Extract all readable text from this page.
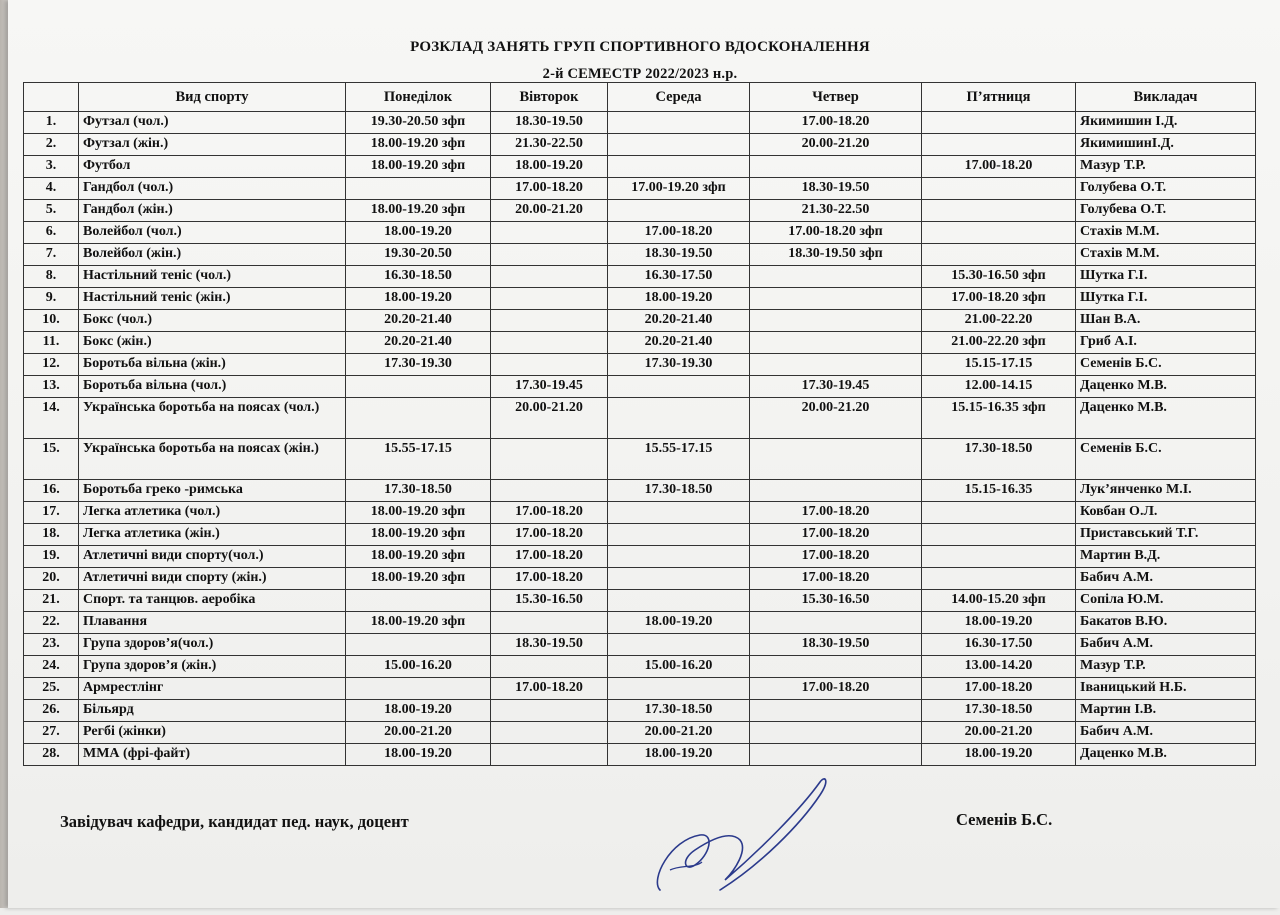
РОЗКЛАД ЗАНЯТЬ ГРУП СПОРТИВНОГО ВДОСКОНАЛЕННЯ
2-й СЕМЕСТР 2022/2023 н.р.
	Вид спорту	Понеділок	Вівторок	Середа	Четвер	П’ятниця	Викладач
1.	Футзал (чол.)	19.30-20.50 зфп	18.30-19.50		17.00-18.20		Якимишин І.Д.
2.	Футзал (жін.)	18.00-19.20 зфп	21.30-22.50		20.00-21.20		ЯкимишинІ.Д.
3.	Футбол	18.00-19.20 зфп	18.00-19.20			17.00-18.20	Мазур Т.Р.
4.	Гандбол (чол.)		17.00-18.20	17.00-19.20 зфп	18.30-19.50		Голубева О.Т.
5.	Гандбол (жін.)	18.00-19.20 зфп	20.00-21.20		21.30-22.50		Голубева О.Т.
6.	Волейбол (чол.)	18.00-19.20		17.00-18.20	17.00-18.20 зфп		Стахів М.М.
7.	Волейбол (жін.)	19.30-20.50		18.30-19.50	18.30-19.50 зфп		Стахів М.М.
8.	Настільний теніс (чол.)	16.30-18.50		16.30-17.50		15.30-16.50 зфп	Шутка Г.І.
9.	Настільний теніс (жін.)	18.00-19.20		18.00-19.20		17.00-18.20 зфп	Шутка Г.І.
10.	Бокс (чол.)	20.20-21.40		20.20-21.40		21.00-22.20	Шан В.А.
11.	Бокс (жін.)	20.20-21.40		20.20-21.40		21.00-22.20 зфп	Гриб А.І.
12.	Боротьба вільна (жін.)	17.30-19.30		17.30-19.30		15.15-17.15	Семенів Б.С.
13.	Боротьба вільна (чол.)		17.30-19.45		17.30-19.45	12.00-14.15	Даценко М.В.
14.	Українська боротьба на поясах (чол.)		20.00-21.20		20.00-21.20	15.15-16.35 зфп	Даценко М.В.
15.	Українська боротьба на поясах (жін.)	15.55-17.15		15.55-17.15		17.30-18.50	Семенів Б.С.
16.	Боротьба греко -римська	17.30-18.50		17.30-18.50		15.15-16.35	Лук’янченко М.І.
17.	Легка атлетика (чол.)	18.00-19.20 зфп	17.00-18.20		17.00-18.20		Ковбан О.Л.
18.	Легка атлетика (жін.)	18.00-19.20 зфп	17.00-18.20		17.00-18.20		Приставський Т.Г.
19.	Атлетичні види спорту(чол.)	18.00-19.20 зфп	17.00-18.20		17.00-18.20		Мартин В.Д.
20.	Атлетичні види спорту (жін.)	18.00-19.20 зфп	17.00-18.20		17.00-18.20		Бабич А.М.
21.	Спорт. та танцюв. аеробіка		15.30-16.50		15.30-16.50	14.00-15.20 зфп	Сопіла Ю.М.
22.	Плавання	18.00-19.20 зфп		18.00-19.20		18.00-19.20	Бакатов В.Ю.
23.	Група здоров’я(чол.)		18.30-19.50		18.30-19.50	16.30-17.50	Бабич А.М.
24.	Група здоров’я (жін.)	15.00-16.20		15.00-16.20		13.00-14.20	Мазур Т.Р.
25.	Армрестлінг		17.00-18.20		17.00-18.20	17.00-18.20	Іваницький Н.Б.
26.	Більярд	18.00-19.20		17.30-18.50		17.30-18.50	Мартин І.В.
27.	Регбі (жінки)	20.00-21.20		20.00-21.20		20.00-21.20	Бабич А.М.
28.	ММА (фрі-файт)	18.00-19.20		18.00-19.20		18.00-19.20	Даценко М.В.
Завідувач кафедри, кандидат пед. наук, доцент	Семенів Б.С.
